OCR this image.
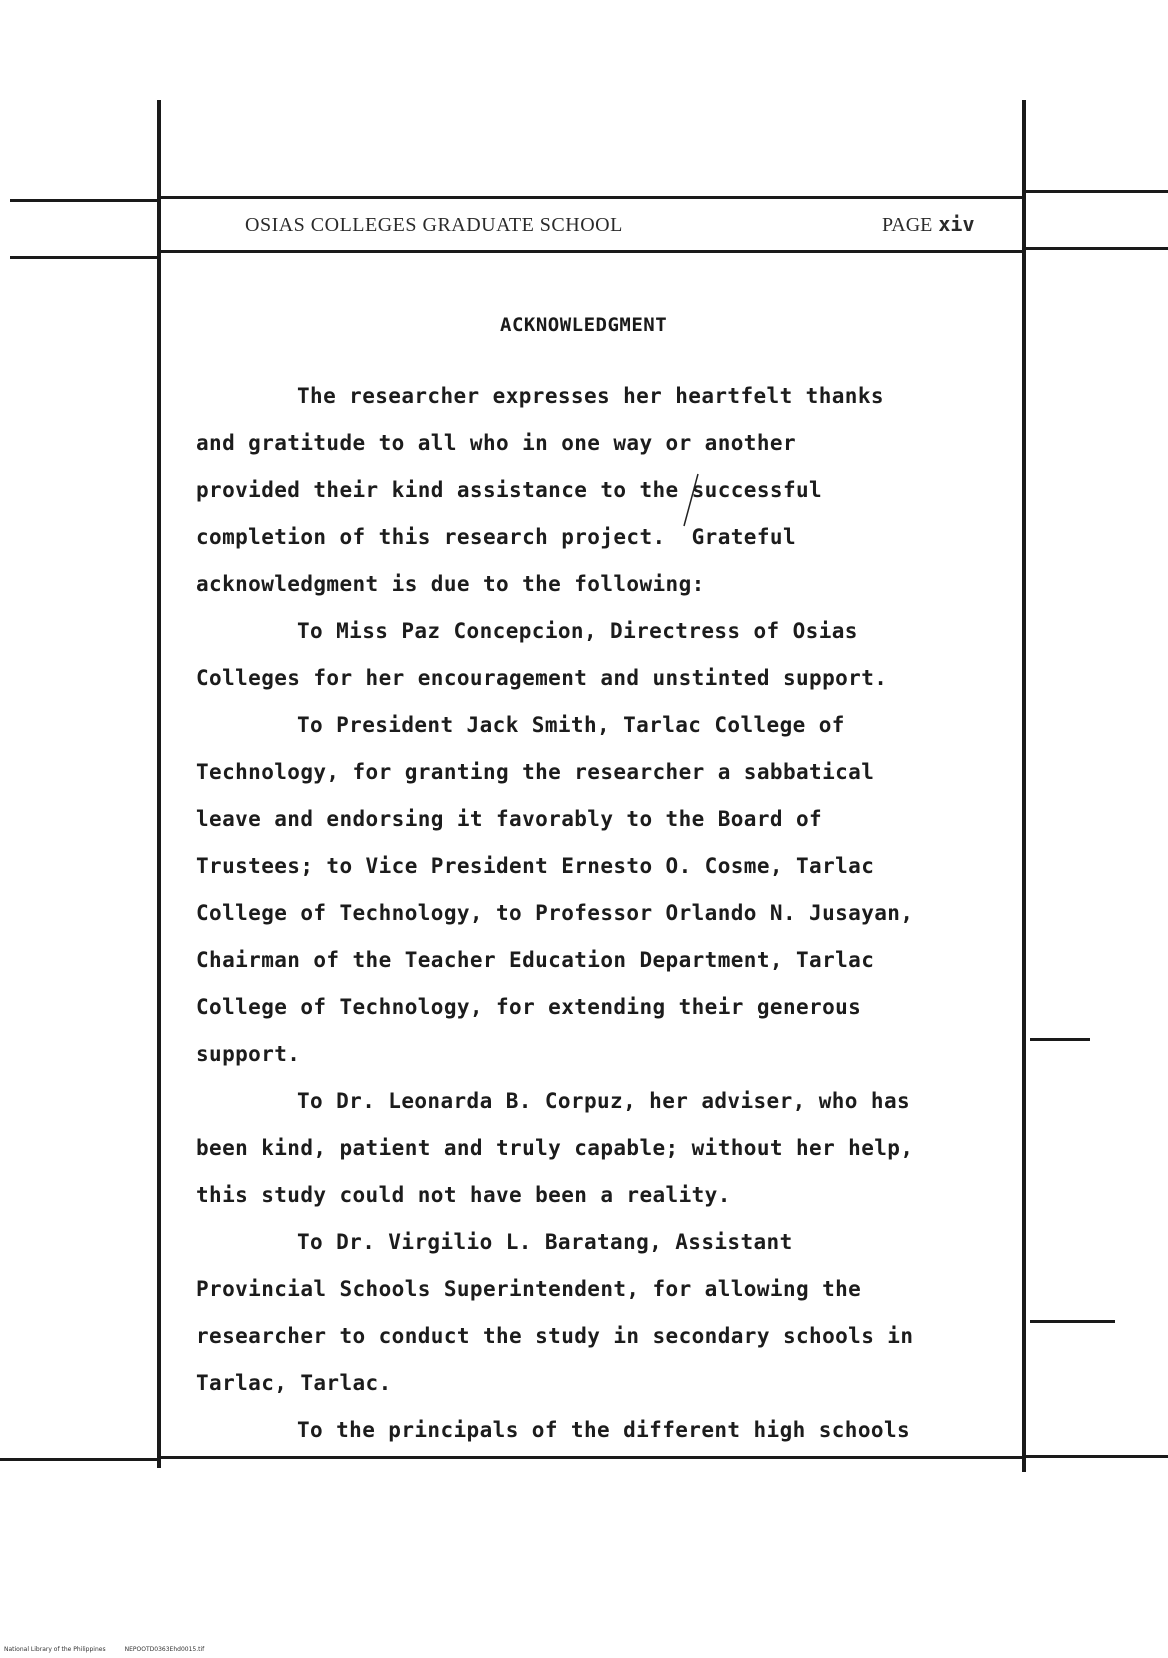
OSIAS COLLEGES GRADUATE SCHOOL	PAGE xiv
ACKNOWLEDGMENT
The researcher expresses her heartfelt thanks
and gratitude to all who in one way or another
provided their kind assistance to the successful
completion of this research project.  Grateful
acknowledgment is due to the following:
To Miss Paz Concepcion, Directress of Osias
Colleges for her encouragement and unstinted support.
To President Jack Smith, Tarlac College of
Technology, for granting the researcher a sabbatical
leave and endorsing it favorably to the Board of
Trustees; to Vice President Ernesto O. Cosme, Tarlac
College of Technology, to Professor Orlando N. Jusayan,
Chairman of the Teacher Education Department, Tarlac
College of Technology, for extending their generous
support.
To Dr. Leonarda B. Corpuz, her adviser, who has
been kind, patient and truly capable; without her help,
this study could not have been a reality.
To Dr. Virgilio L. Baratang, Assistant
Provincial Schools Superintendent, for allowing the
researcher to conduct the study in secondary schools in
Tarlac, Tarlac.
To the principals of the different high schools
National Library of the Philippines	NEPOOTD0363Ehd0015.tif
